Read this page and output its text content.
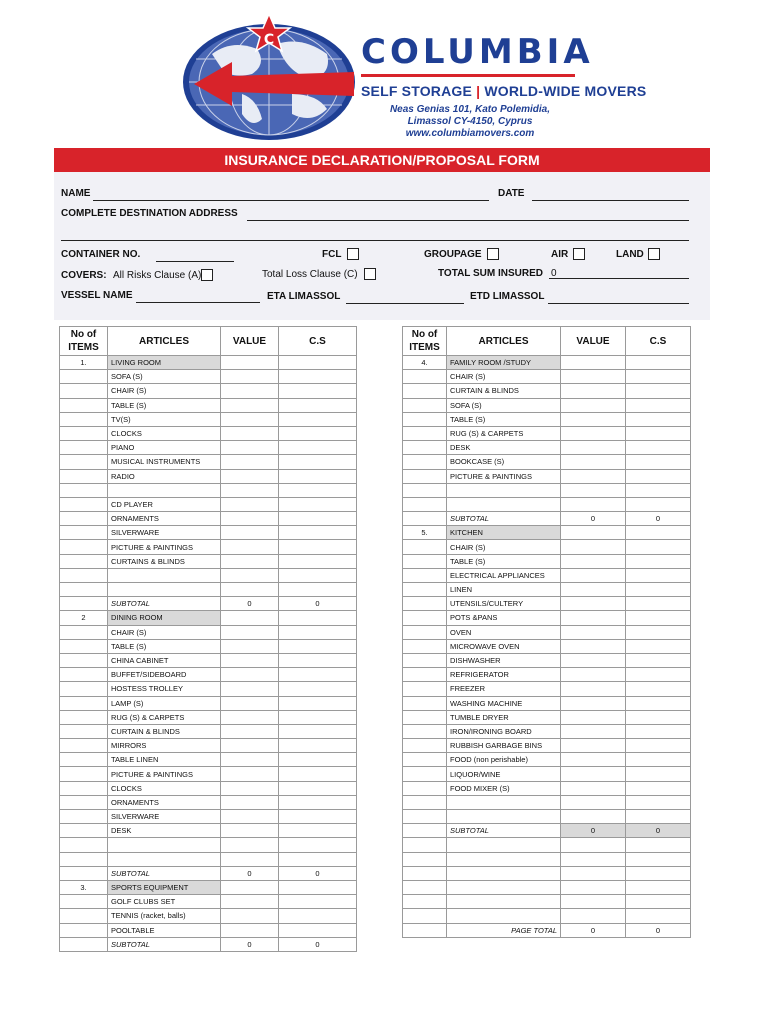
C	COLUMBIA
SELF STORAGE | WORLD-WIDE MOVERS
Neas Genias 101, Kato Polemidia,
Limassol CY-4150, Cyprus
www.columbiamovers.com
INSURANCE DECLARATION/PROPOSAL FORM
NAME	DATE
COMPLETE DESTINATION ADDRESS
CONTAINER NO.	FCL	GROUPAGE	AIR	LAND
COVERS: All Risks Clause (A)	Total Loss Clause (C)	TOTAL SUM INSURED 0
VESSEL NAME	ETA LIMASSOL	ETD LIMASSOL
No of
ITEMS	ARTICLES	VALUE	C.S
1.	LIVING ROOM		
	SOFA (S)		
	CHAIR (S)		
	TABLE (S)		
	TV(S)		
	CLOCKS		
	PIANO		
	MUSICAL INSTRUMENTS		
	RADIO		

	CD PLAYER		
	ORNAMENTS		
	SILVERWARE		
	PICTURE & PAINTINGS		
	CURTAINS & BLINDS		

	SUBTOTAL	0	0
2	DINING ROOM		
	CHAIR (S)		
	TABLE (S)		
	CHINA CABINET		
	BUFFET/SIDEBOARD		
	HOSTESS TROLLEY		
	LAMP (S)		
	RUG (S) & CARPETS		
	CURTAIN & BLINDS		
	MIRRORS		
	TABLE LINEN		
	PICTURE & PAINTINGS		
	CLOCKS		
	ORNAMENTS		
	SILVERWARE		
	DESK		

	SUBTOTAL	0	0
3.	SPORTS EQUIPMENT		
	GOLF CLUBS SET		
	TENNIS (racket, balls)		
	POOLTABLE		
	SUBTOTAL	0	0
No of
ITEMS	ARTICLES	VALUE	C.S
4.	FAMILY ROOM /STUDY		
	CHAIR (S)		
	CURTAIN & BLINDS		
	SOFA (S)		
	TABLE (S)		
	RUG (S) & CARPETS		
	DESK		
	BOOKCASE (S)		
	PICTURE & PAINTINGS		

	SUBTOTAL	0	0
5.	KITCHEN		
	CHAIR (S)		
	TABLE (S)		
	ELECTRICAL APPLIANCES		
	LINEN		
	UTENSILS/CULTERY		
	POTS &PANS		
	OVEN		
	MICROWAVE OVEN		
	DISHWASHER		
	REFRIGERATOR		
	FREEZER		
	WASHING MACHINE		
	TUMBLE DRYER		
	IRON/IRONING BOARD		
	RUBBISH GARBAGE BINS		
	FOOD (non perishable)		
	LIQUOR/WINE		
	FOOD MIXER (S)		

	SUBTOTAL	0	0

	PAGE TOTAL	0	0
